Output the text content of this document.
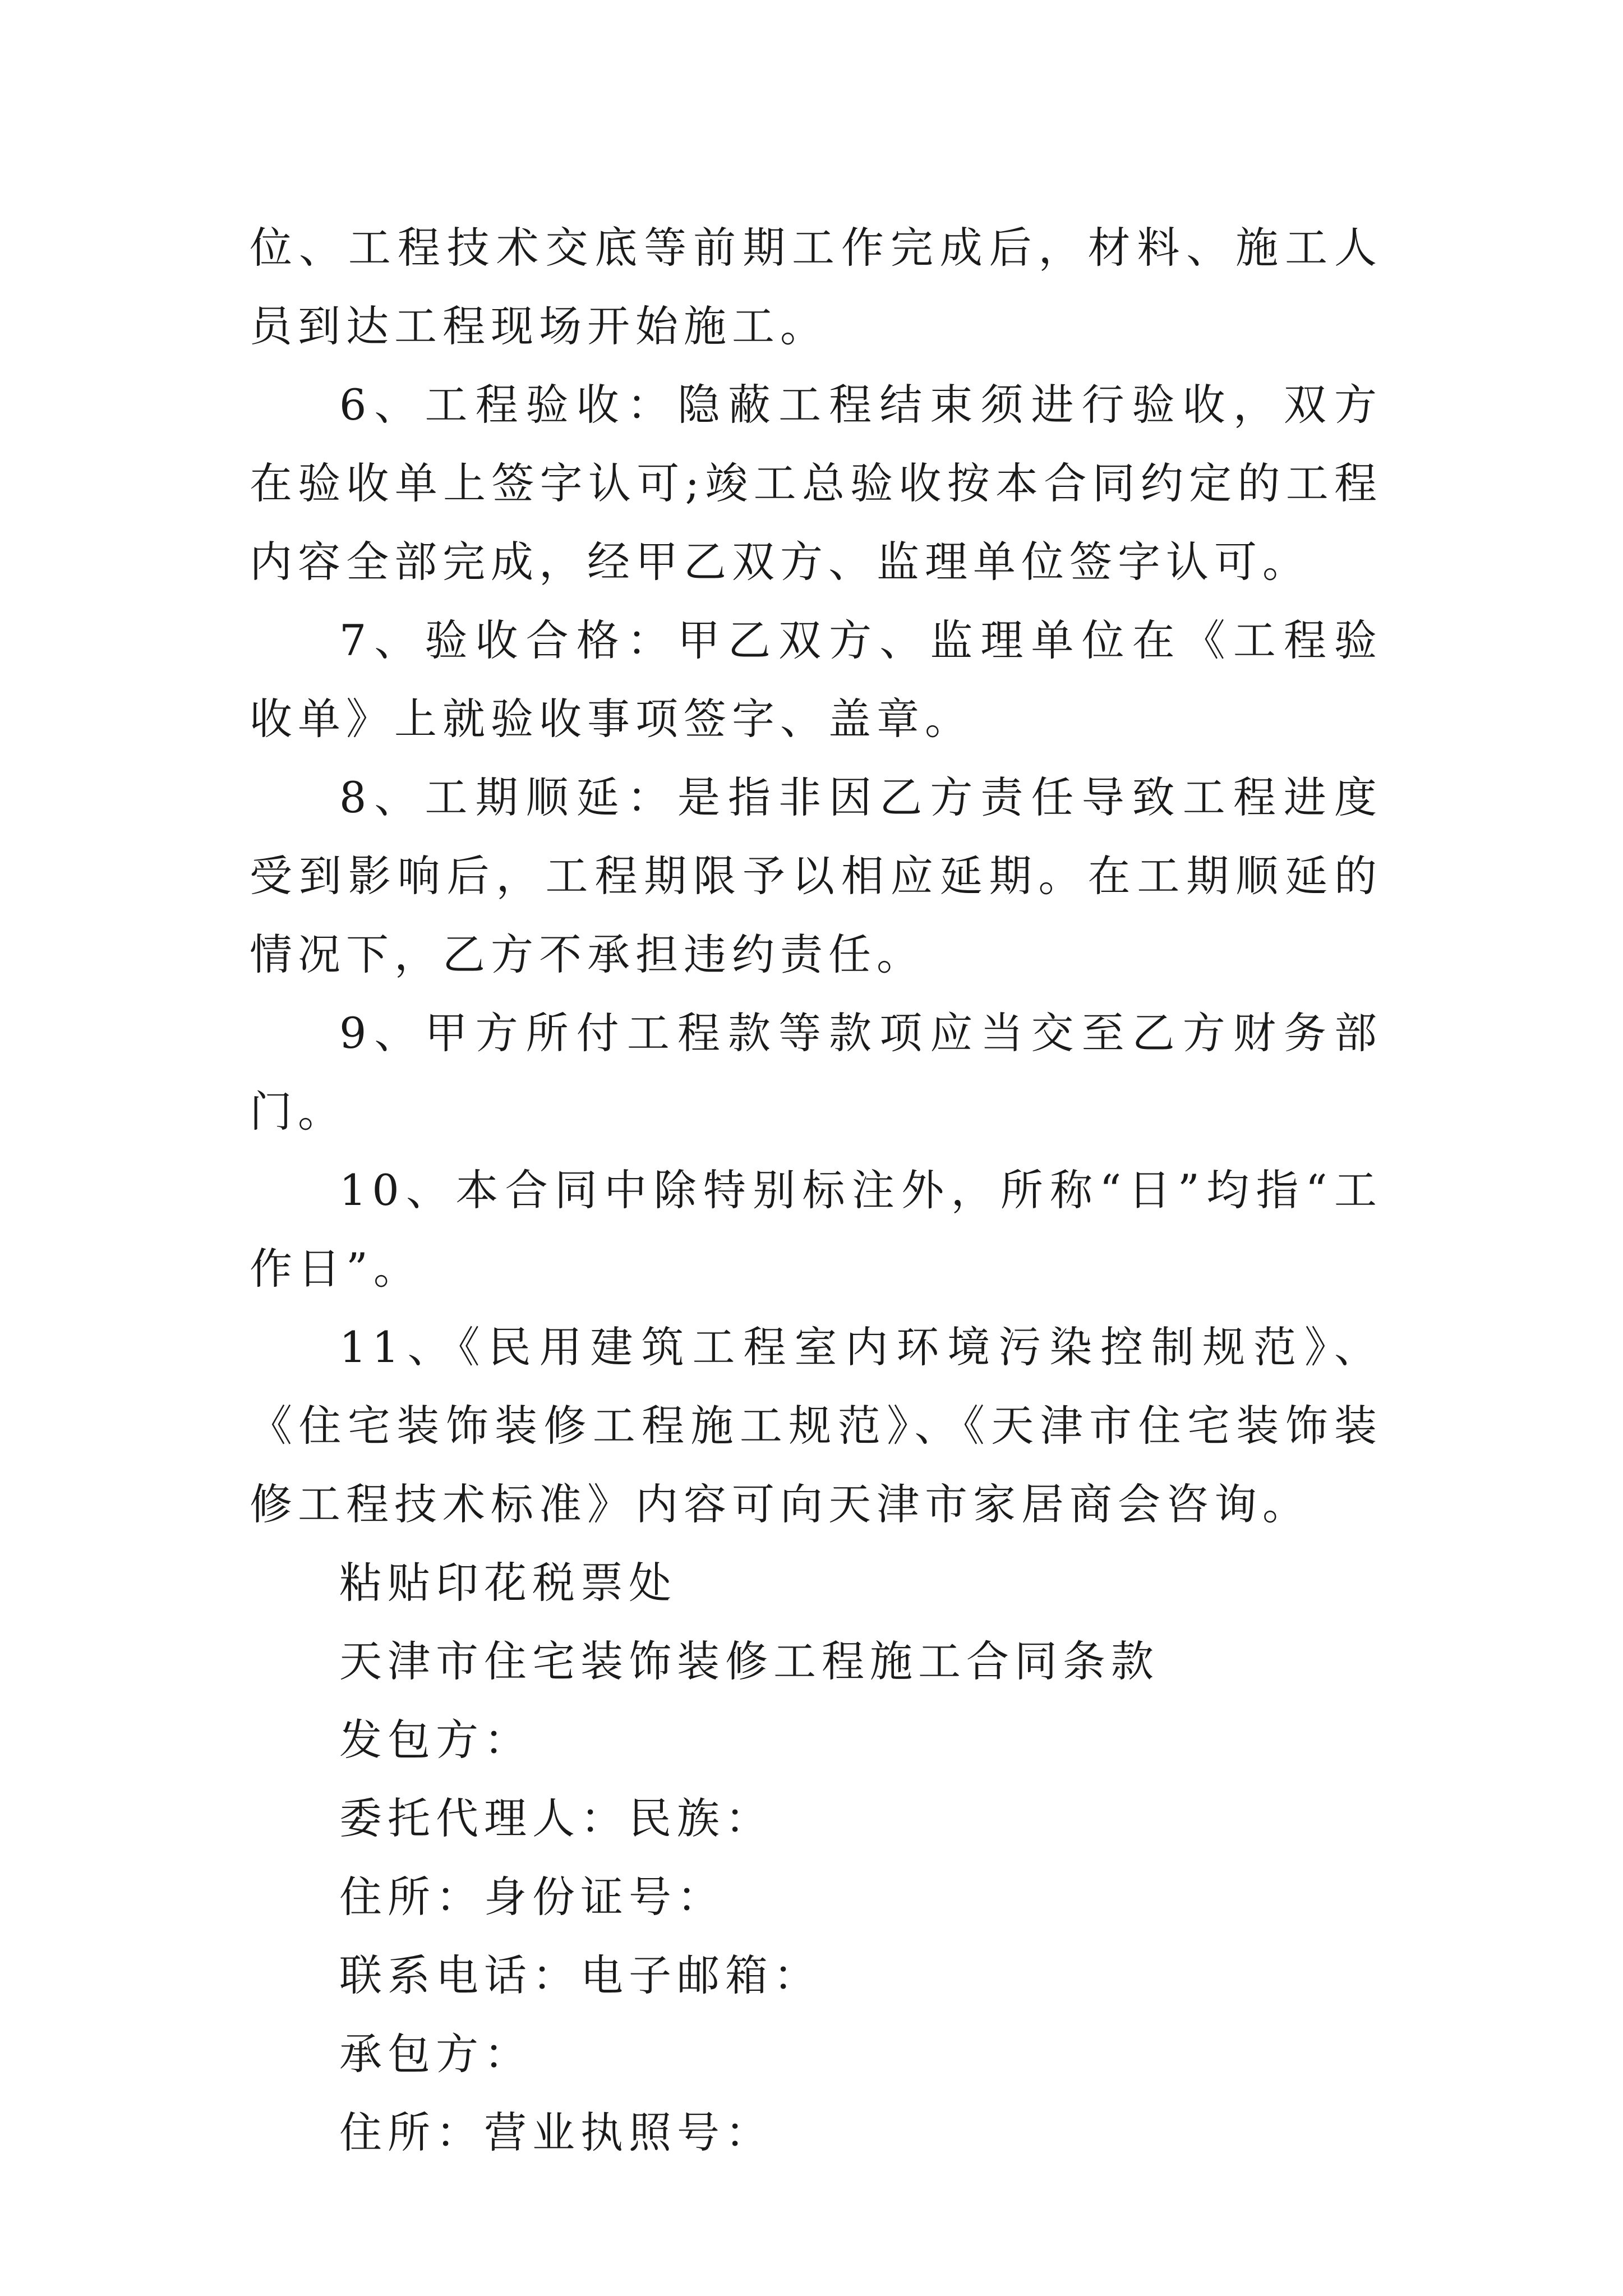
位、工程技术交底等前期工作完成后，材料、施工人员到达工程现场开始施工。

6、工程验收：隐蔽工程结束须进行验收，双方在验收单上签字认可;竣工总验收按本合同约定的工程内容全部完成，经甲乙双方、监理单位签字认可。

7、验收合格：甲乙双方、监理单位在《工程验收单》上就验收事项签字、盖章。

8、工期顺延：是指非因乙方责任导致工程进度受到影响后，工程期限予以相应延期。在工期顺延的情况下，乙方不承担违约责任。

9、甲方所付工程款等款项应当交至乙方财务部门。

10、本合同中除特别标注外，所称“日”均指“工作日”。

11、《民用建筑工程室内环境污染控制规范》、《住宅装饰装修工程施工规范》、《天津市住宅装饰装修工程技术标准》内容可向天津市家居商会咨询。

粘贴印花税票处

天津市住宅装饰装修工程施工合同条款

发包方：

委托代理人：民族：

住所：身份证号：

联系电话：电子邮箱：

承包方：

住所：营业执照号：
